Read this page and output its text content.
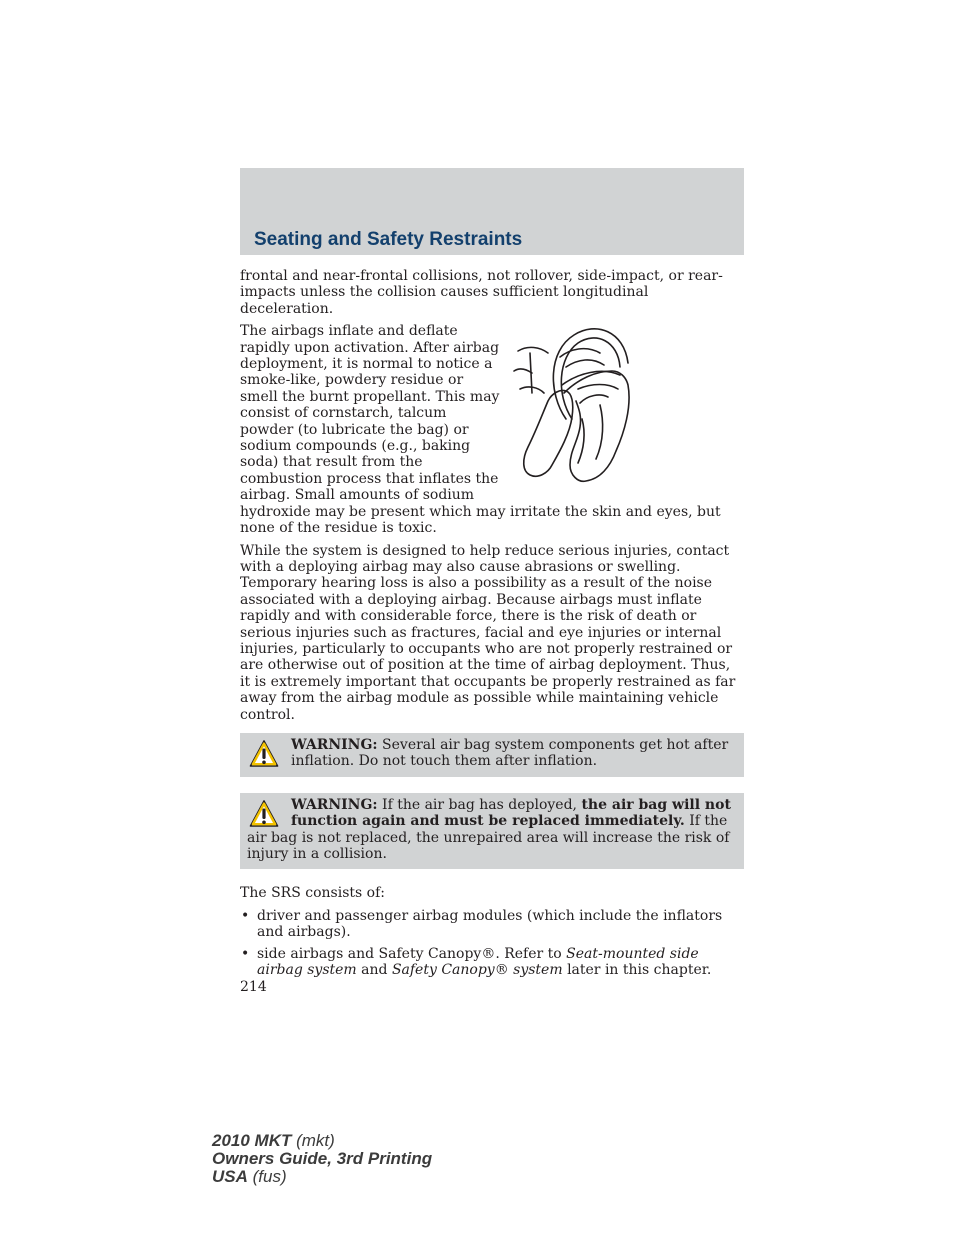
Seating and Safety Restraints

frontal and near-frontal collisions, not rollover, side-impact, or rear-impacts unless the collision causes sufficient longitudinal deceleration.

The airbags inflate and deflate rapidly upon activation. After airbag deployment, it is normal to notice a smoke-like, powdery residue or smell the burnt propellant. This may consist of cornstarch, talcum powder (to lubricate the bag) or sodium compounds (e.g., baking soda) that result from the combustion process that inflates the airbag. Small amounts of sodium hydroxide may be present which may irritate the skin and eyes, but none of the residue is toxic.

While the system is designed to help reduce serious injuries, contact with a deploying airbag may also cause abrasions or swelling. Temporary hearing loss is also a possibility as a result of the noise associated with a deploying airbag. Because airbags must inflate rapidly and with considerable force, there is the risk of death or serious injuries such as fractures, facial and eye injuries or internal injuries, particularly to occupants who are not properly restrained or are otherwise out of position at the time of airbag deployment. Thus, it is extremely important that occupants be properly restrained as far away from the airbag module as possible while maintaining vehicle control.

WARNING: Several air bag system components get hot after inflation. Do not touch them after inflation.
WARNING: If the air bag has deployed, the air bag will not function again and must be replaced immediately. If the air bag is not replaced, the unrepaired area will increase the risk of injury in a collision.

The SRS consists of:

• driver and passenger airbag modules (which include the inflators and airbags).
• side airbags and Safety Canopy®. Refer to Seat-mounted side airbag system and Safety Canopy® system later in this chapter.
214
2010 MKT (mkt)
Owners Guide, 3rd Printing
USA (fus)
